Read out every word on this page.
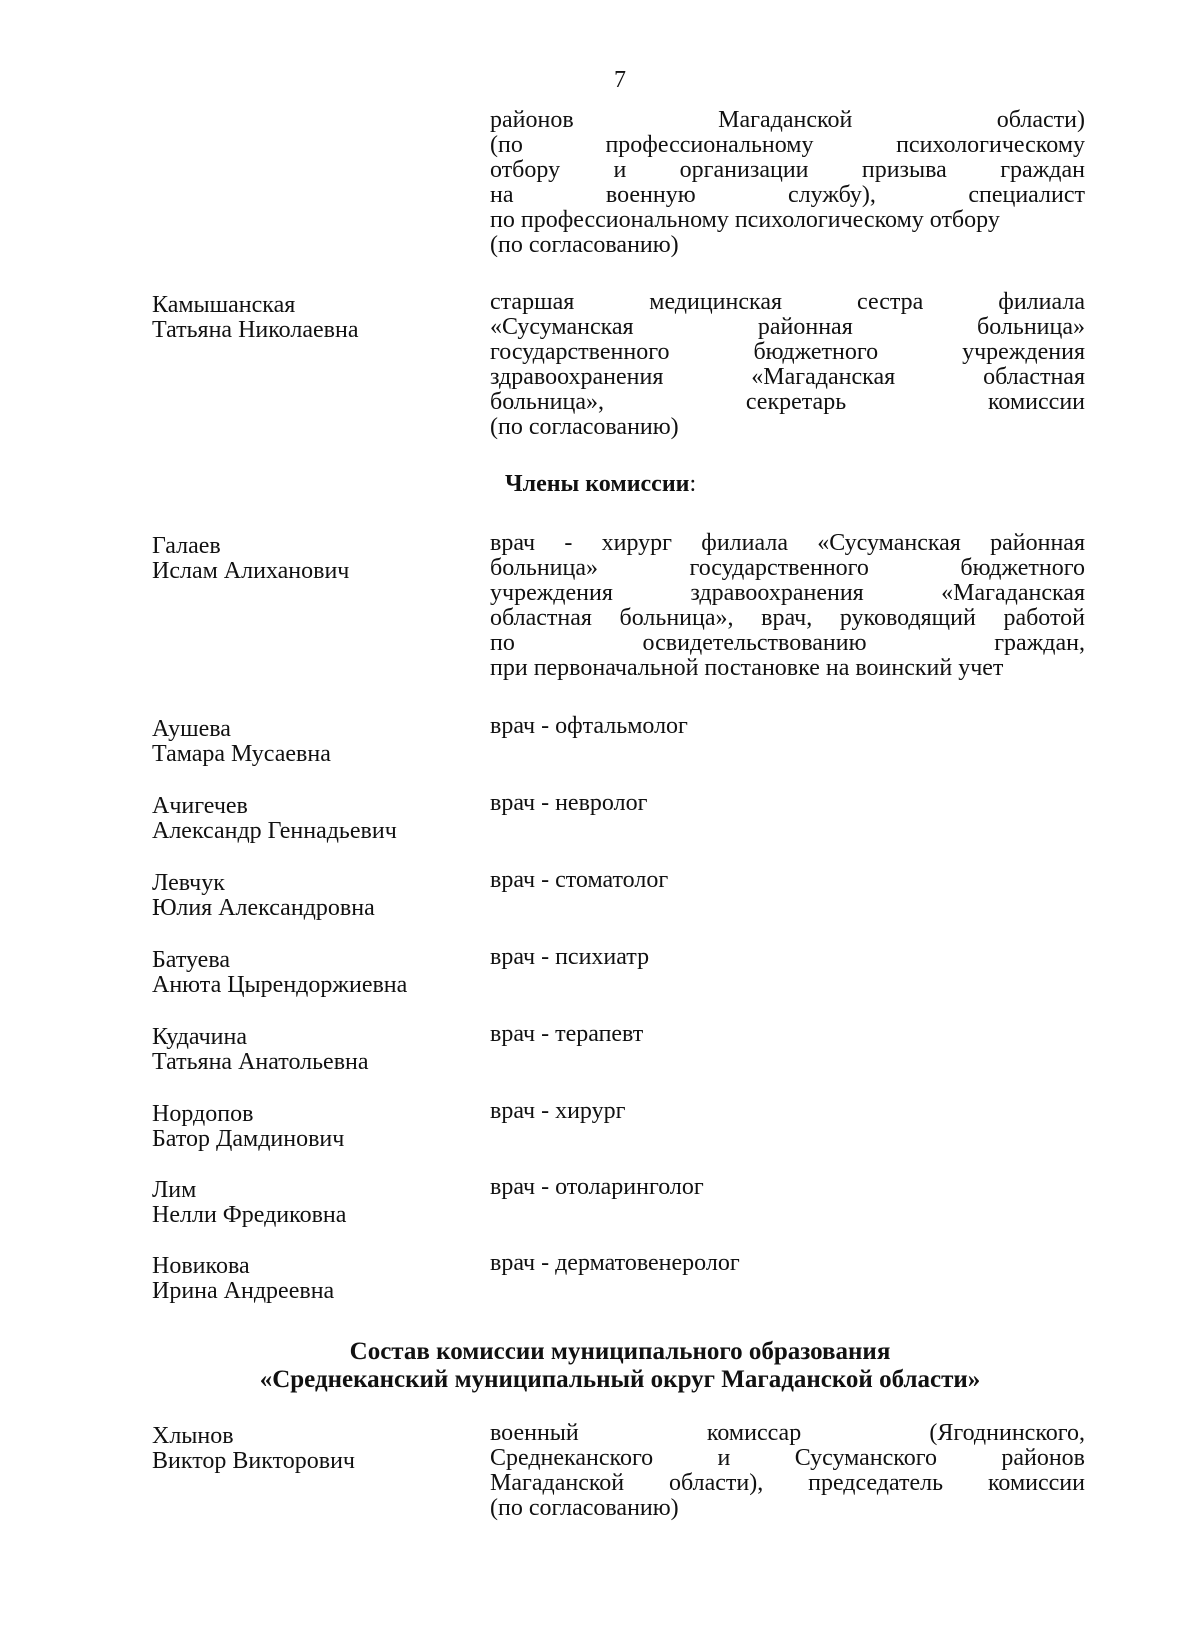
7
районов Магаданской области)
(по профессиональному психологическому
отбору и организации призыва граждан
на военную службу), специалист
по профессиональному психологическому отбору
(по согласованию)
Камышанская
Татьяна Николаевна
старшая медицинская сестра филиала
«Сусуманская районная больница»
государственного бюджетного учреждения
здравоохранения «Магаданская областная
больница», секретарь комиссии
(по согласованию)
Члены комиссии:
Галаев
Ислам Алиханович
врач - хирург филиала «Сусуманская районная
больница» государственного бюджетного
учреждения здравоохранения «Магаданская
областная больница», врач, руководящий работой
по освидетельствованию граждан,
при первоначальной постановке на воинский учет
Аушева
Тамара Мусаевна
врач - офтальмолог
Ачигечев
Александр Геннадьевич
врач - невролог
Левчук
Юлия Александровна
врач - стоматолог
Батуева
Анюта Цырендоржиевна
врач - психиатр
Кудачина
Татьяна Анатольевна
врач - терапевт
Нордопов
Батор Дамдинович
врач - хирург
Лим
Нелли Фредиковна
врач - отоларинголог
Новикова
Ирина Андреевна
врач - дерматовенеролог
Состав комиссии муниципального образования
«Среднеканский муниципальный округ Магаданской области»
Хлынов
Виктор Викторович
военный комиссар (Ягоднинского,
Среднеканского и Сусуманского районов
Магаданской области), председатель комиссии
(по согласованию)
